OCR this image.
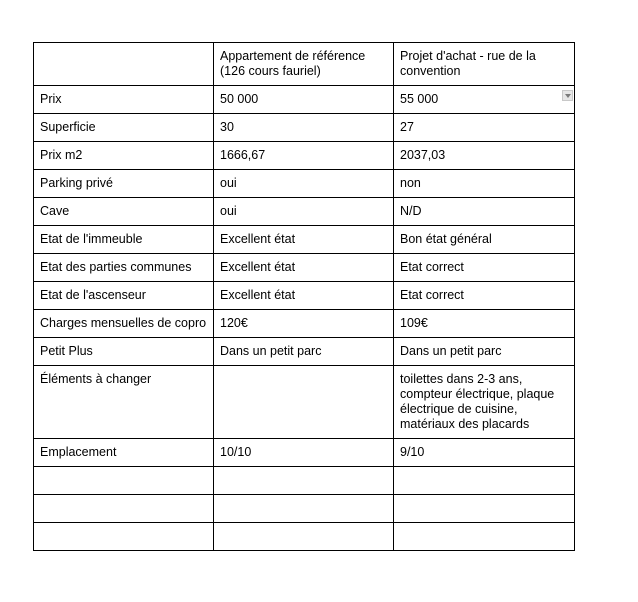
	Appartement de référence (126 cours fauriel)	Projet d'achat - rue de la convention
Prix	50 000	55 000

Superficie	30	27
Prix m2	1666,67	2037,03
Parking privé	oui	non
Cave	oui	N/D
Etat de l'immeuble	Excellent état	Bon état général
Etat des parties communes	Excellent état	Etat correct
Etat de l'ascenseur	Excellent état	Etat correct
Charges mensuelles de copro	120€	109€
Petit Plus	Dans un petit parc	Dans un petit parc
Éléments à changer		toilettes dans 2-3 ans, compteur électrique, plaque électrique de cuisine, matériaux des placards
Emplacement	10/10	9/10
